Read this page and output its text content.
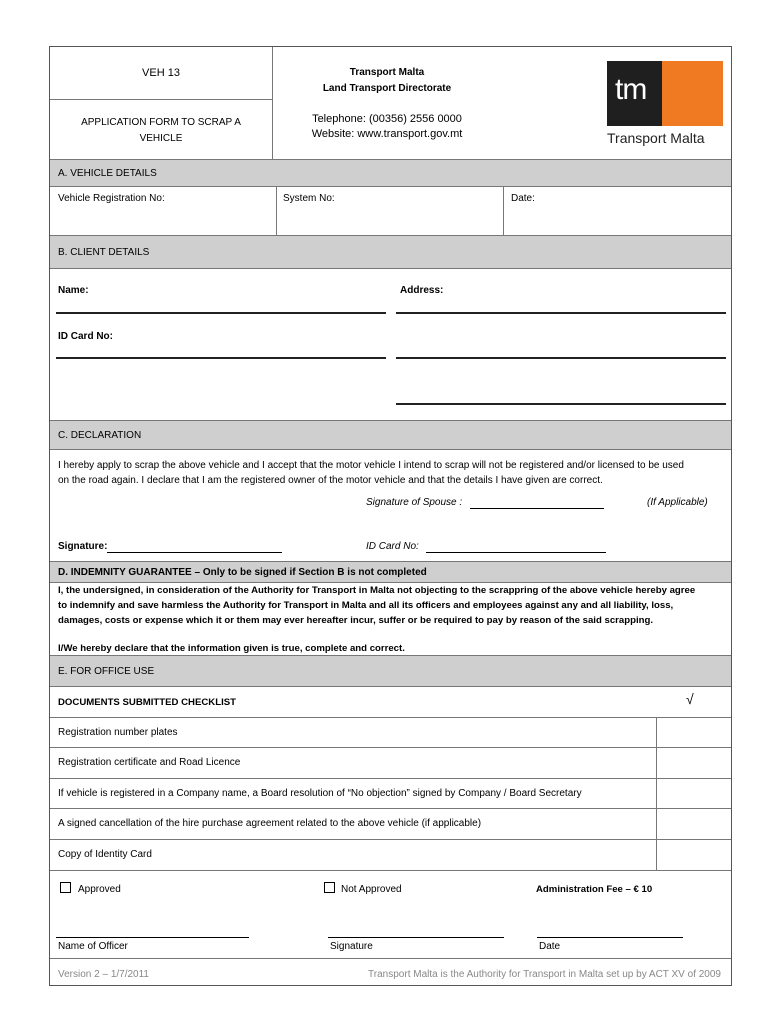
VEH 13
APPLICATION FORM TO SCRAP A
VEHICLE
Transport Malta
Land Transport Directorate
Telephone: (00356) 2556 0000
Website: www.transport.gov.mt
tm
Transport Malta
A. VEHICLE DETAILS
Vehicle Registration No:	System No:	Date:
B. CLIENT DETAILS
Name:	Address:
ID Card No:
C. DECLARATION
I hereby apply to scrap the above vehicle and I accept that the motor vehicle I intend to scrap will not be registered and/or licensed to be used
on the road again. I declare that I am the registered owner of the motor vehicle and that the details I have given are correct.
Signature of Spouse :	(If Applicable)
Signature:	ID Card No:
D. INDEMNITY GUARANTEE – Only to be signed if Section B is not completed
I, the undersigned, in consideration of the Authority for Transport in Malta not objecting to the scrappring of the above vehicle hereby agree
to indemnify and save harmless the Authority for Transport in Malta and all its officers and employees against any and all liability, loss,
damages, costs or expense which it or them may ever hereafter incur, suffer or be required to pay by reason of the said scrapping.
I/We hereby declare that the information given is true, complete and correct.
E. FOR OFFICE USE
DOCUMENTS SUBMITTED CHECKLIST	√
Registration number plates
Registration certificate and Road Licence
If vehicle is registered in a Company name, a Board resolution of “No objection” signed by Company / Board Secretary
A signed cancellation of the hire purchase agreement related to the above vehicle (if applicable)
Copy of Identity Card
Approved	Not Approved	Administration Fee – € 10
Name of Officer	Signature	Date
Version 2 – 1/7/2011	Transport Malta is the Authority for Transport in Malta set up by ACT XV of 2009
